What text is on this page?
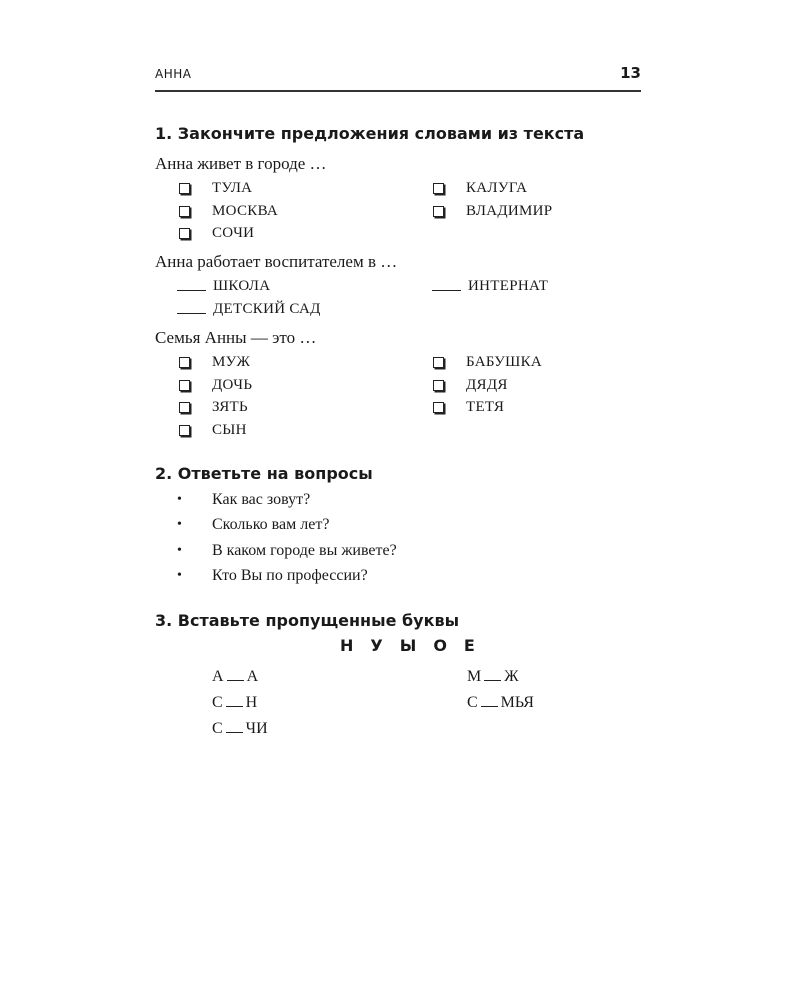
АННА	13
1. Закончите предложения словами из текста
Анна живет в городе …
ТУЛА
МОСКВА
СОЧИ
КАЛУГА
ВЛАДИМИР
Анна работает воспитателем в …
ШКОЛА
ДЕТСКИЙ САД
ИНТЕРНАТ
Семья Анны — это …
МУЖ
ДОЧЬ
ЗЯТЬ
СЫН
БАБУШКА
ДЯДЯ
ТЕТЯ
2. Ответьте на вопросы
•	Как вас зовут?
•	Сколько вам лет?
•	В каком городе вы живете?
•	Кто Вы по профессии?
3. Вставьте пропущенные буквы
Н У Ы О Е
А А
С Н
С ЧИ
М Ж
С МЬЯ
